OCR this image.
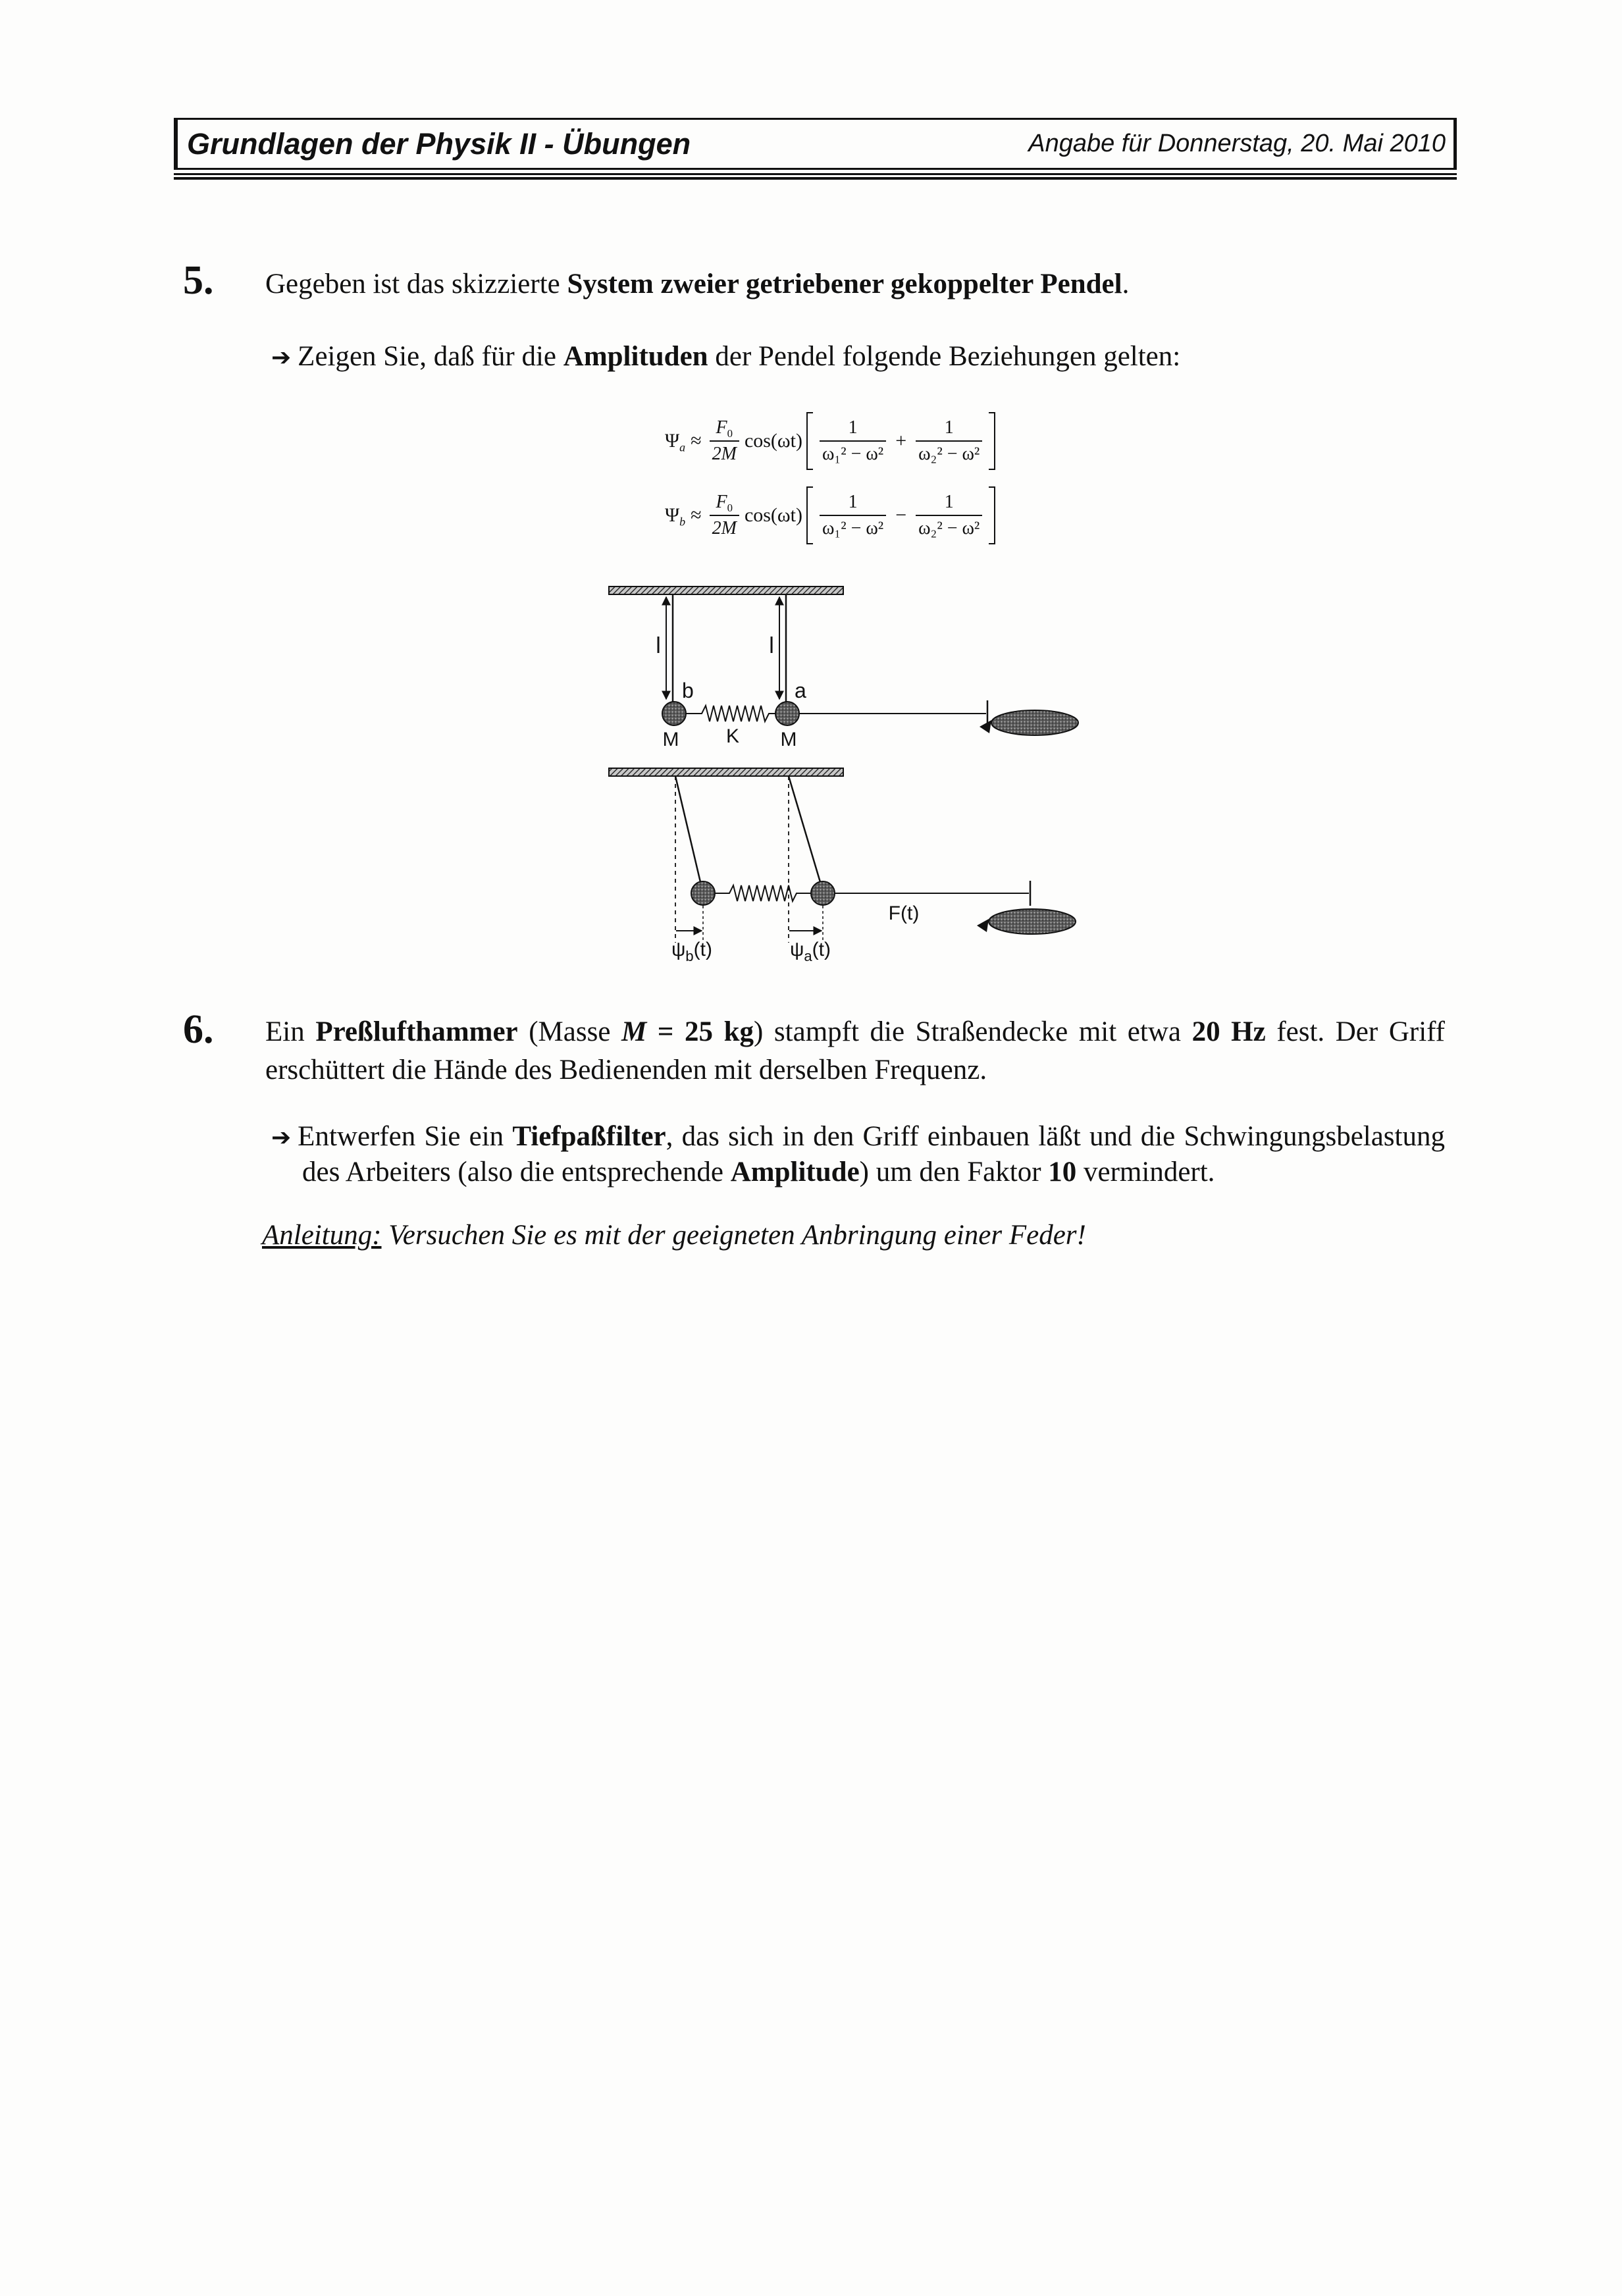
Grundlagen der Physik II - Übungen	Angabe für Donnerstag, 20. Mai 2010
5. Gegeben ist das skizzierte System zweier getriebener gekoppelter Pendel.
➔ Zeigen Sie, daß für die Amplituden der Pendel folgende Beziehungen gelten:
$\Psi_a \approx \frac{F_0}{2M} \cos(\omega t) \frac{1}{\text{ω₁² − ω²}} + \frac{1}{\text{ω₂² − ω²}}$
$\Psi_b \approx \frac{F_0}{2M} \cos(\omega t) \frac{1}{\text{ω₁² − ω²}} - \frac{1}{\text{ω₂² − ω²}}$
l	l
b	a
M K M
F(t)
$\psi_b(t)$	$\psi_a(t)$
6. Ein Preßlufthammer (Masse M = 25 kg) stampft die Straßendecke mit etwa 20 Hz fest. Der Griff
erschüttert die Hände des Bedienenden mit derselben Frequenz.
➔ Entwerfen Sie ein Tiefpaßfilter, das sich in den Griff einbauen läßt und die Schwingungsbelastung
des Arbeiters (also die entsprechende Amplitude) um den Faktor 10 vermindert.
Anleitung: Versuchen Sie es mit der geeigneten Anbringung einer Feder!
